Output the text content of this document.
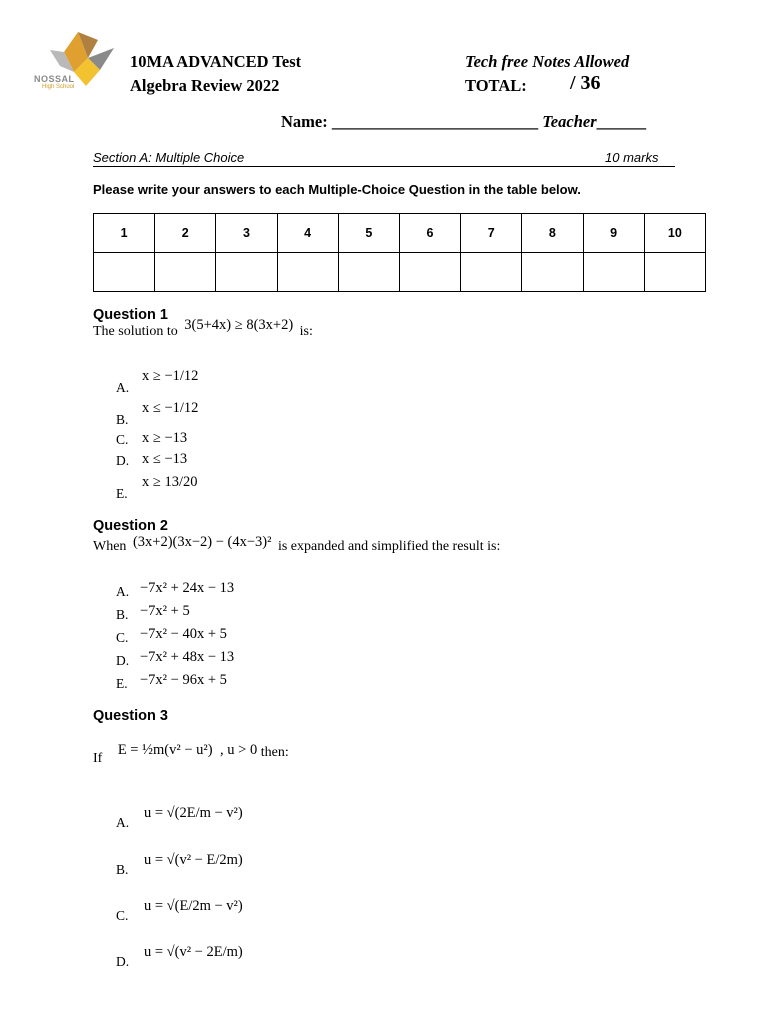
NOSSAL
High School
10MA ADVANCED Test
Algebra Review 2022
Tech free Notes Allowed
TOTAL: / 36
Name: _________________________ Teacher______
Section A: Multiple Choice	10 marks
Please write your answers to each Multiple-Choice Question in the table below.
1	2	3	4	5	6	7	8	9	10

Question 1
The solution to 3(5+4x) ≥ 8(3x+2) is:
A.
x ≥ −1/12
B.
x ≤ −1/12
C. x ≥ −13
D. x ≤ −13
E.
x ≥ 13/20
Question 2
When (3x+2)(3x−2) − (4x−3)² is expanded and simplified the result is:
A. −7x² + 24x − 13
B. −7x² + 5
C. −7x² − 40x + 5
D. −7x² + 48x − 13
E. −7x² − 96x + 5
Question 3
If E = ½m(v² − u²) , u > 0 then:
A.
u = √(2E/m − v²)
B.
u = √(v² − E/2m)
C.
u = √(E/2m − v²)
D.
u = √(v² − 2E/m)
